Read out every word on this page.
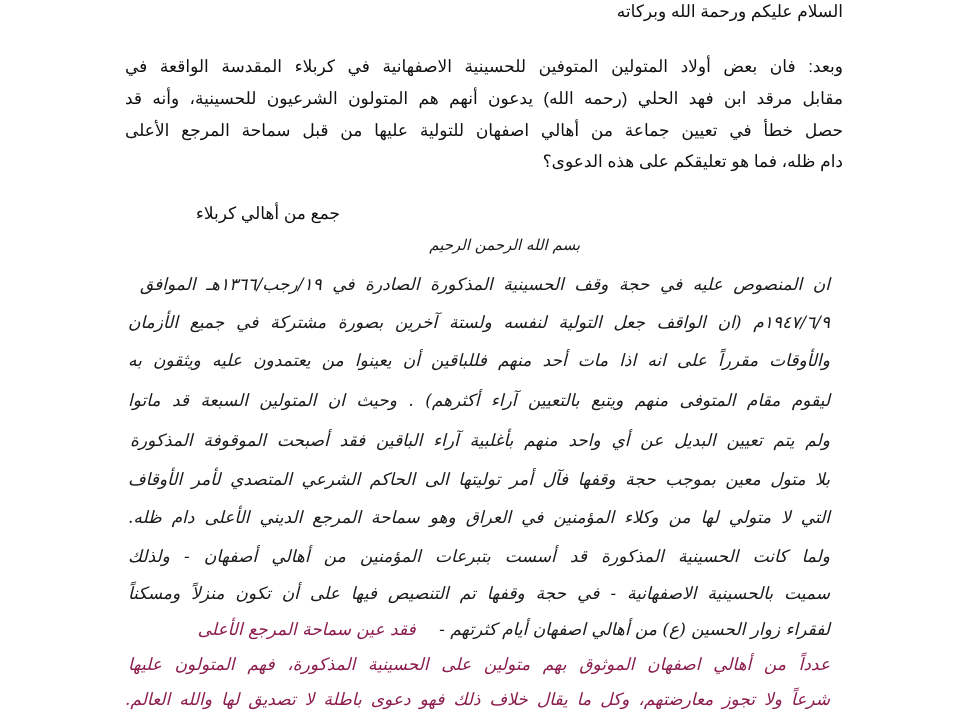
السلام عليكم ورحمة الله وبركاته
وبعد: فان بعض أولاد المتولين المتوفين للحسينية الاصفهانية في كربلاء المقدسة الواقعة في
مقابل مرقد ابن فهد الحلي (رحمه الله) يدعون أنهم هم المتولون الشرعيون للحسينية، وأنه قد
حصل خطأ في تعيين جماعة من أهالي اصفهان للتولية عليها من قبل سماحة المرجع الأعلى
دام ظله، فما هو تعليقكم على هذه الدعوى؟
جمع من أهالي كربلاء
بسم الله الرحمن الرحيم
ان المنصوص عليه في حجة وقف الحسينية المذكورة الصادرة في ١٩/رجب/١٣٦٦هـ الموافق
١٩٤٧/٦/٩م (ان الواقف جعل التولية لنفسه ولستة آخرين بصورة مشتركة في جميع الأزمان
والأوقات مقرراً على انه اذا مات أحد منهم فللباقين أن يعينوا من يعتمدون عليه ويثقون به
ليقوم مقام المتوفى منهم ويتبع بالتعيين آراء أكثرهم) . وحيث ان المتولين السبعة قد ماتوا
ولم يتم تعيين البديل عن أي واحد منهم بأغلبية آراء الباقين فقد أصبحت الموقوفة المذكورة
بلا متول معين بموجب حجة وقفها فآل أمر توليتها الى الحاكم الشرعي المتصدي لأمر الأوقاف
التي لا متولي لها من وكلاء المؤمنين في العراق وهو سماحة المرجع الديني الأعلى دام ظله.
ولما كانت الحسينية المذكورة قد أسست بتبرعات المؤمنين من أهالي أصفهان - ولذلك
سميت بالحسينية الاصفهانية - في حجة وقفها تم التنصيص فيها على أن تكون منزلاً ومسكناً
لفقراء زوار الحسين (ع) من أهالي اصفهان أيام كثرتهم - فقد عين سماحة المرجع الأعلى
عدداً من أهالي اصفهان الموثوق بهم متولين على الحسينية المذكورة، فهم المتولون عليها
شرعاً ولا تجوز معارضتهم، وكل ما يقال خلاف ذلك فهو دعوى باطلة لا تصديق لها والله العالم.
